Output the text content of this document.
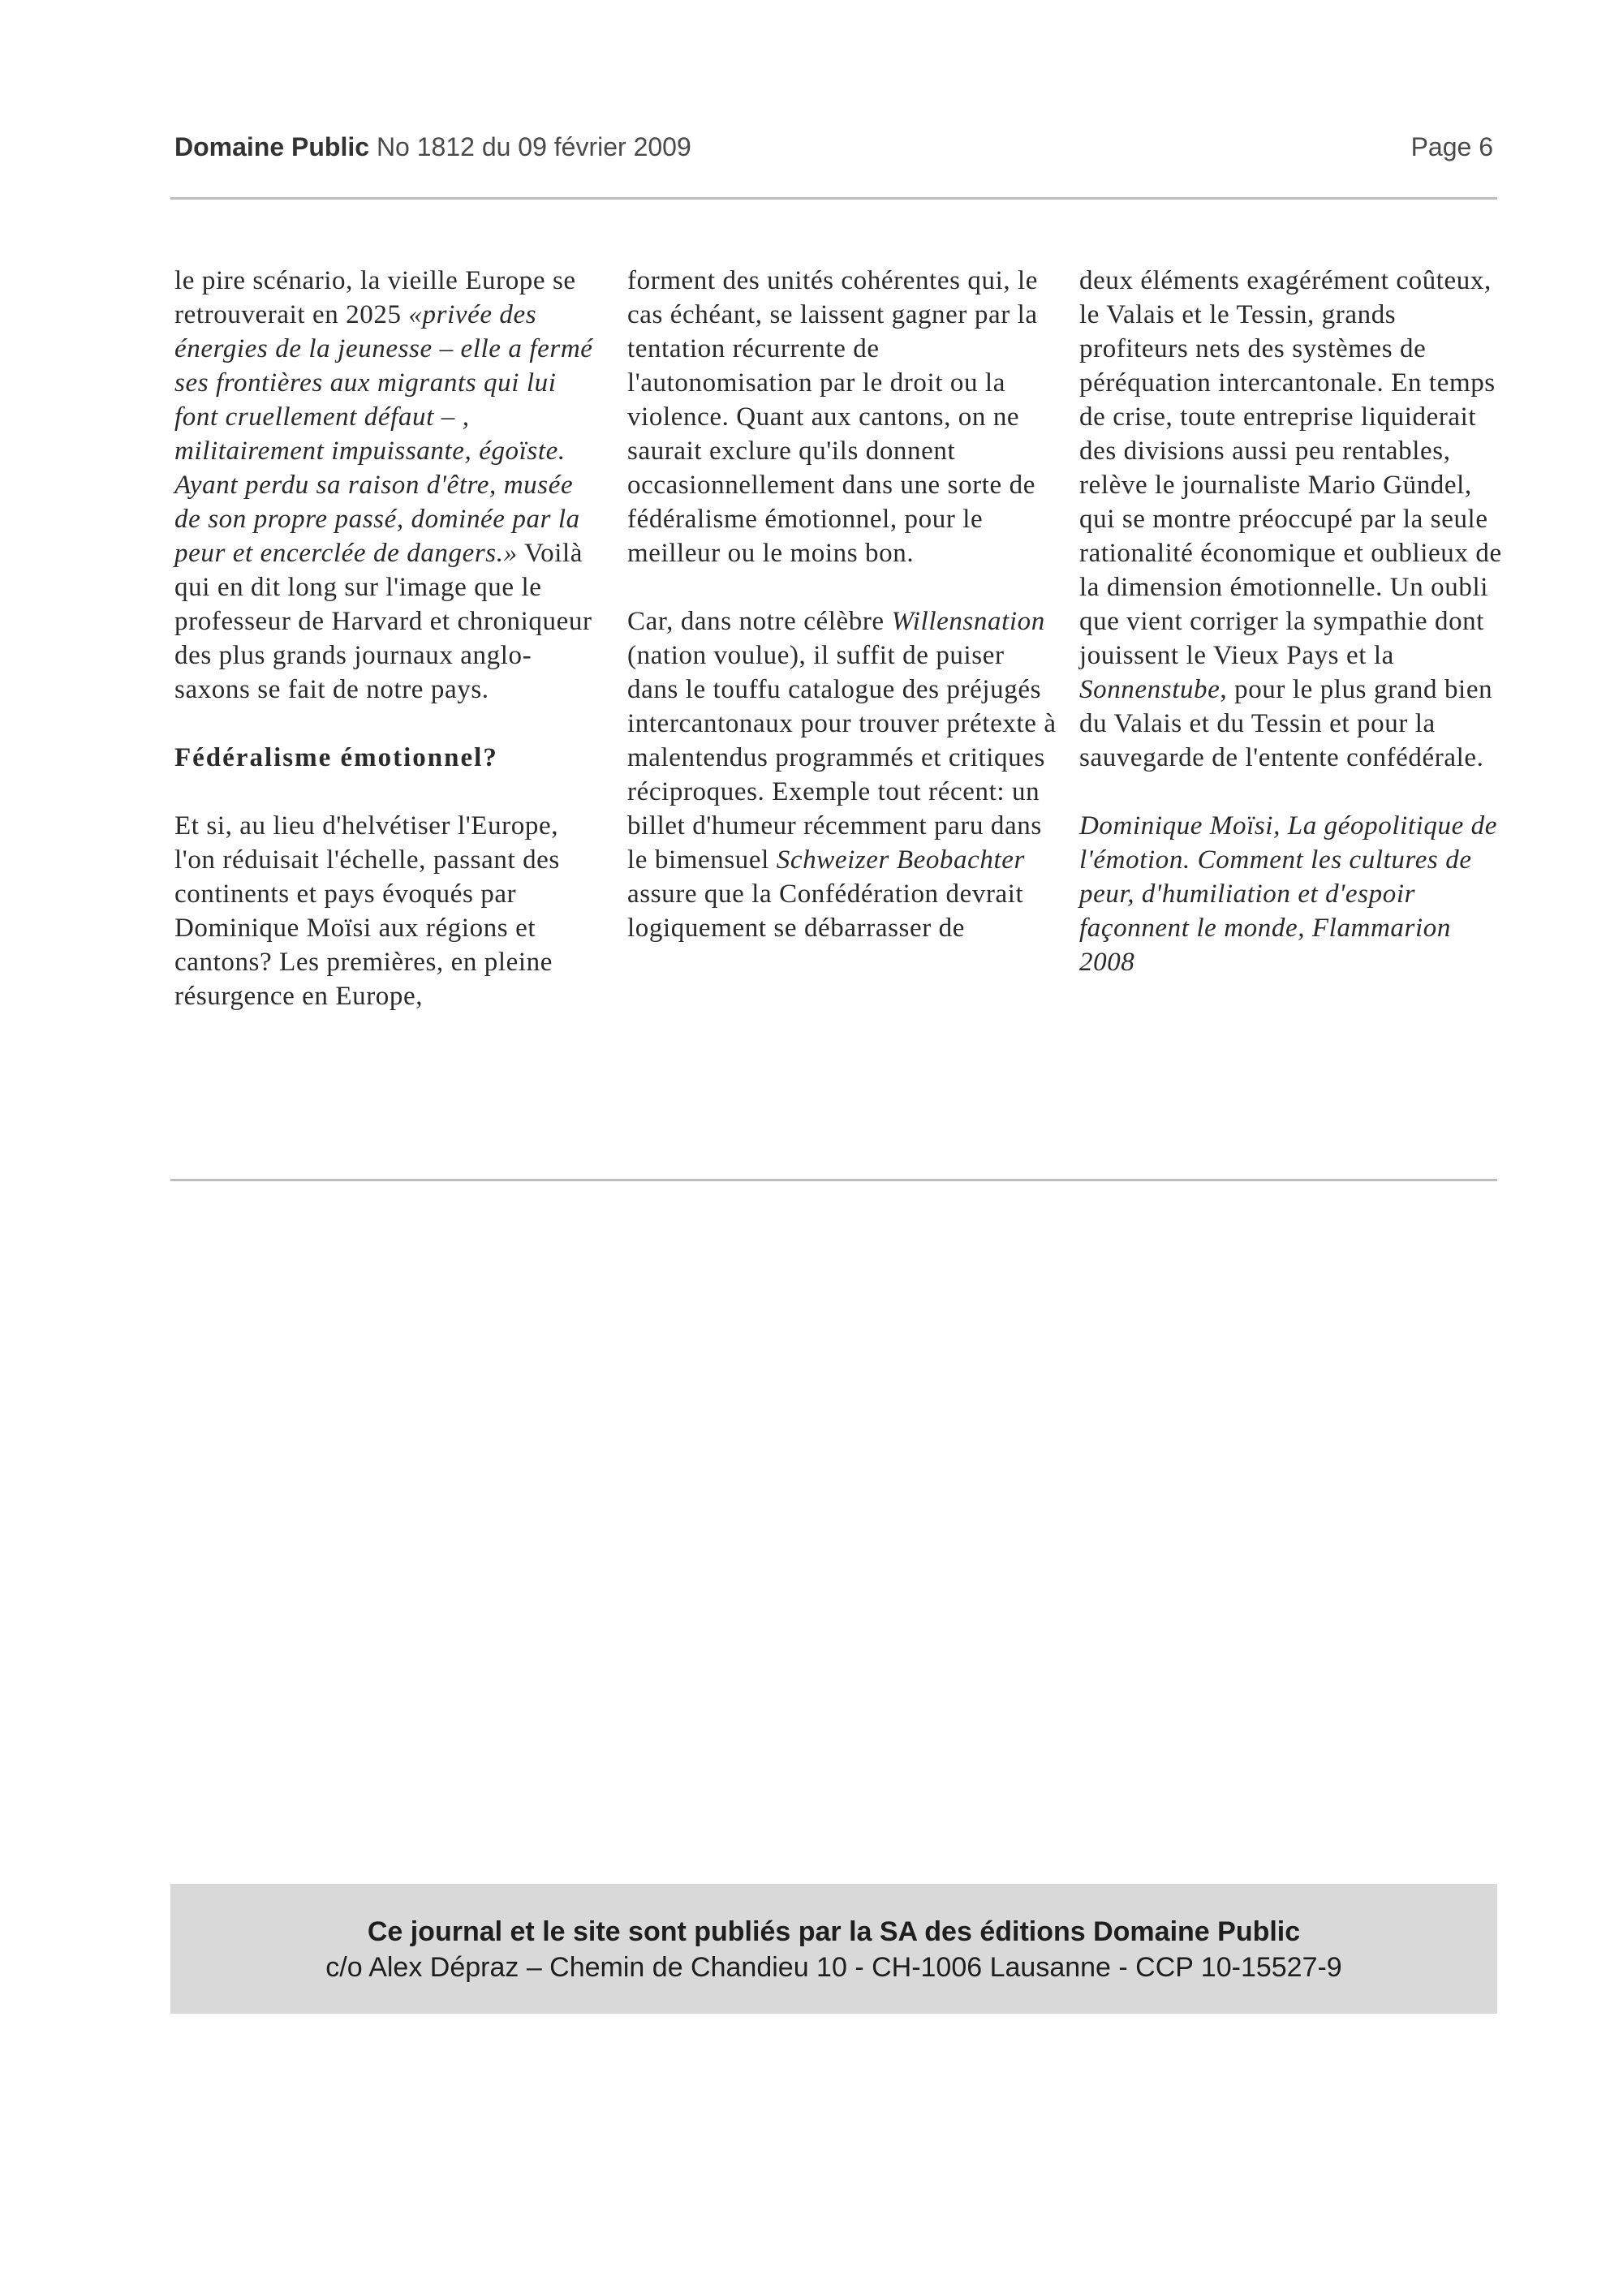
Domaine Public No 1812 du 09 février 2009	Page 6

le pire scénario, la vieille Europe se retrouverait en 2025 «privée des énergies de la jeunesse – elle a fermé ses frontières aux migrants qui lui font cruellement défaut – , militairement impuissante, égoïste. Ayant perdu sa raison d'être, musée de son propre passé, dominée par la peur et encerclée de dangers.» Voilà qui en dit long sur l'image que le professeur de Harvard et chroniqueur des plus grands journaux anglo-saxons se fait de notre pays.

Fédéralisme émotionnel?

Et si, au lieu d'helvétiser l'Europe, l'on réduisait l'échelle, passant des continents et pays évoqués par Dominique Moïsi aux régions et cantons? Les premières, en pleine résurgence en Europe,

forment des unités cohérentes qui, le cas échéant, se laissent gagner par la tentation récurrente de l'autonomisation par le droit ou la violence. Quant aux cantons, on ne saurait exclure qu'ils donnent occasionnellement dans une sorte de fédéralisme émotionnel, pour le meilleur ou le moins bon.

Car, dans notre célèbre Willensnation (nation voulue), il suffit de puiser dans le touffu catalogue des préjugés intercantonaux pour trouver prétexte à malentendus programmés et critiques réciproques. Exemple tout récent: un billet d'humeur récemment paru dans le bimensuel Schweizer Beobachter assure que la Confédération devrait logiquement se débarrasser de

deux éléments exagérément coûteux, le Valais et le Tessin, grands profiteurs nets des systèmes de péréquation intercantonale. En temps de crise, toute entreprise liquiderait des divisions aussi peu rentables, relève le journaliste Mario Gündel, qui se montre préoccupé par la seule rationalité économique et oublieux de la dimension émotionnelle. Un oubli que vient corriger la sympathie dont jouissent le Vieux Pays et la Sonnenstube, pour le plus grand bien du Valais et du Tessin et pour la sauvegarde de l'entente confédérale.

Dominique Moïsi, La géopolitique de l'émotion. Comment les cultures de peur, d'humiliation et d'espoir façonnent le monde, Flammarion 2008

Ce journal et le site sont publiés par la SA des éditions Domaine Public
c/o Alex Dépraz – Chemin de Chandieu 10 - CH-1006 Lausanne - CCP 10-15527-9
